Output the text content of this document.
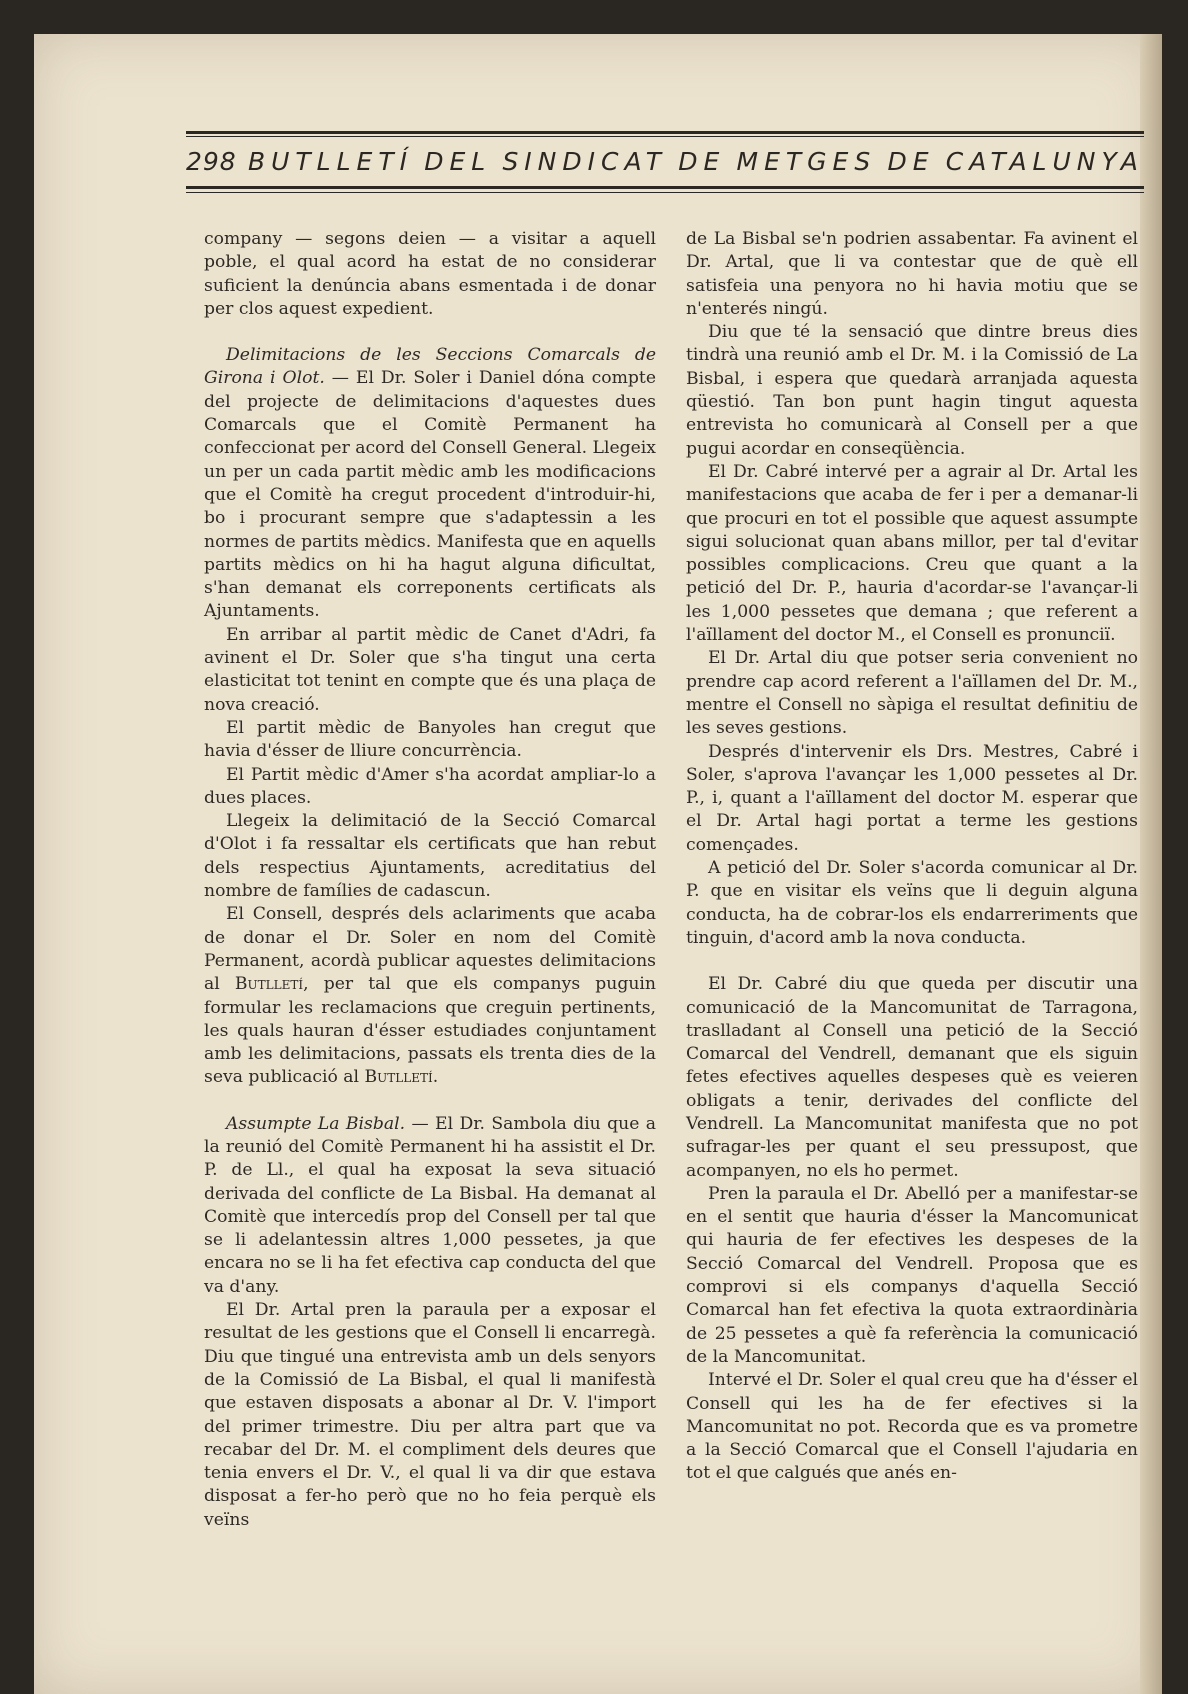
298 BUTLLETÍ DEL SINDICAT DE METGES DE CATALUNYA

company — segons deien — a visitar a aquell poble, el qual acord ha estat de no considerar suficient la denúncia abans esmentada i de donar per clos aquest expedient.

Delimitacions de les Seccions Comarcals de Girona i Olot. — El Dr. Soler i Daniel dóna compte del projecte de delimitacions d'aquestes dues Comarcals que el Comitè Permanent ha confeccionat per acord del Consell General. Llegeix un per un cada partit mèdic amb les modificacions que el Comitè ha cregut procedent d'introduir-hi, bo i procurant sempre que s'adaptessin a les normes de partits mèdics. Manifesta que en aquells partits mèdics on hi ha hagut alguna dificultat, s'han demanat els correponents certificats als Ajuntaments.

En arribar al partit mèdic de Canet d'Adri, fa avinent el Dr. Soler que s'ha tingut una certa elasticitat tot tenint en compte que és una plaça de nova creació.

El partit mèdic de Banyoles han cregut que havia d'ésser de lliure concurrència.

El Partit mèdic d'Amer s'ha acordat ampliar-lo a dues places.

Llegeix la delimitació de la Secció Comarcal d'Olot i fa ressaltar els certificats que han rebut dels respectius Ajuntaments, acreditatius del nombre de famílies de cadascun.

El Consell, després dels aclariments que acaba de donar el Dr. Soler en nom del Comitè Permanent, acordà publicar aquestes delimitacions al Butlletí, per tal que els companys puguin formular les reclamacions que creguin pertinents, les quals hauran d'ésser estudiades conjuntament amb les delimitacions, passats els trenta dies de la seva publicació al Butlletí.

Assumpte La Bisbal. — El Dr. Sambola diu que a la reunió del Comitè Permanent hi ha assistit el Dr. P. de Ll., el qual ha exposat la seva situació derivada del conflicte de La Bisbal. Ha demanat al Comitè que intercedís prop del Consell per tal que se li adelantessin altres 1,000 pessetes, ja que encara no se li ha fet efectiva cap conducta del que va d'any.

El Dr. Artal pren la paraula per a exposar el resultat de les gestions que el Consell li encarregà. Diu que tingué una entrevista amb un dels senyors de la Comissió de La Bisbal, el qual li manifestà que estaven disposats a abonar al Dr. V. l'import del primer trimestre. Diu per altra part que va recabar del Dr. M. el compliment dels deures que tenia envers el Dr. V., el qual li va dir que estava disposat a fer-ho però que no ho feia perquè els veïns

de La Bisbal se'n podrien assabentar. Fa avinent el Dr. Artal, que li va contestar que de què ell satisfeia una penyora no hi havia motiu que se n'enterés ningú.

Diu que té la sensació que dintre breus dies tindrà una reunió amb el Dr. M. i la Comissió de La Bisbal, i espera que quedarà arranjada aquesta qüestió. Tan bon punt hagin tingut aquesta entrevista ho comunicarà al Consell per a que pugui acordar en conseqüència.

El Dr. Cabré intervé per a agrair al Dr. Artal les manifestacions que acaba de fer i per a demanar-li que procuri en tot el possible que aquest assumpte sigui solucionat quan abans millor, per tal d'evitar possibles complicacions. Creu que quant a la petició del Dr. P., hauria d'acordar-se l'avançar-li les 1,000 pessetes que demana ; que referent a l'aïllament del doctor M., el Consell es pronunciï.

El Dr. Artal diu que potser seria convenient no prendre cap acord referent a l'aïllamen del Dr. M., mentre el Consell no sàpiga el resultat definitiu de les seves gestions.

Després d'intervenir els Drs. Mestres, Cabré i Soler, s'aprova l'avançar les 1,000 pessetes al Dr. P., i, quant a l'aïllament del doctor M. esperar que el Dr. Artal hagi portat a terme les gestions començades.

A petició del Dr. Soler s'acorda comunicar al Dr. P. que en visitar els veïns que li deguin alguna conducta, ha de cobrar-los els endarreriments que tinguin, d'acord amb la nova conducta.

El Dr. Cabré diu que queda per discutir una comunicació de la Mancomunitat de Tarragona, traslladant al Consell una petició de la Secció Comarcal del Vendrell, demanant que els siguin fetes efectives aquelles despeses què es veieren obligats a tenir, derivades del conflicte del Vendrell. La Mancomunitat manifesta que no pot sufragar-les per quant el seu pressupost, que acompanyen, no els ho permet.

Pren la paraula el Dr. Abelló per a manifestar-se en el sentit que hauria d'ésser la Mancomunicat qui hauria de fer efectives les despeses de la Secció Comarcal del Vendrell. Proposa que es comprovi si els companys d'aquella Secció Comarcal han fet efectiva la quota extraordinària de 25 pessetes a què fa referència la comunicació de la Mancomunitat.

Intervé el Dr. Soler el qual creu que ha d'ésser el Consell qui les ha de fer efectives si la Mancomunitat no pot. Recorda que es va prometre a la Secció Comarcal que el Consell l'ajudaria en tot el que calgués que anés en-
